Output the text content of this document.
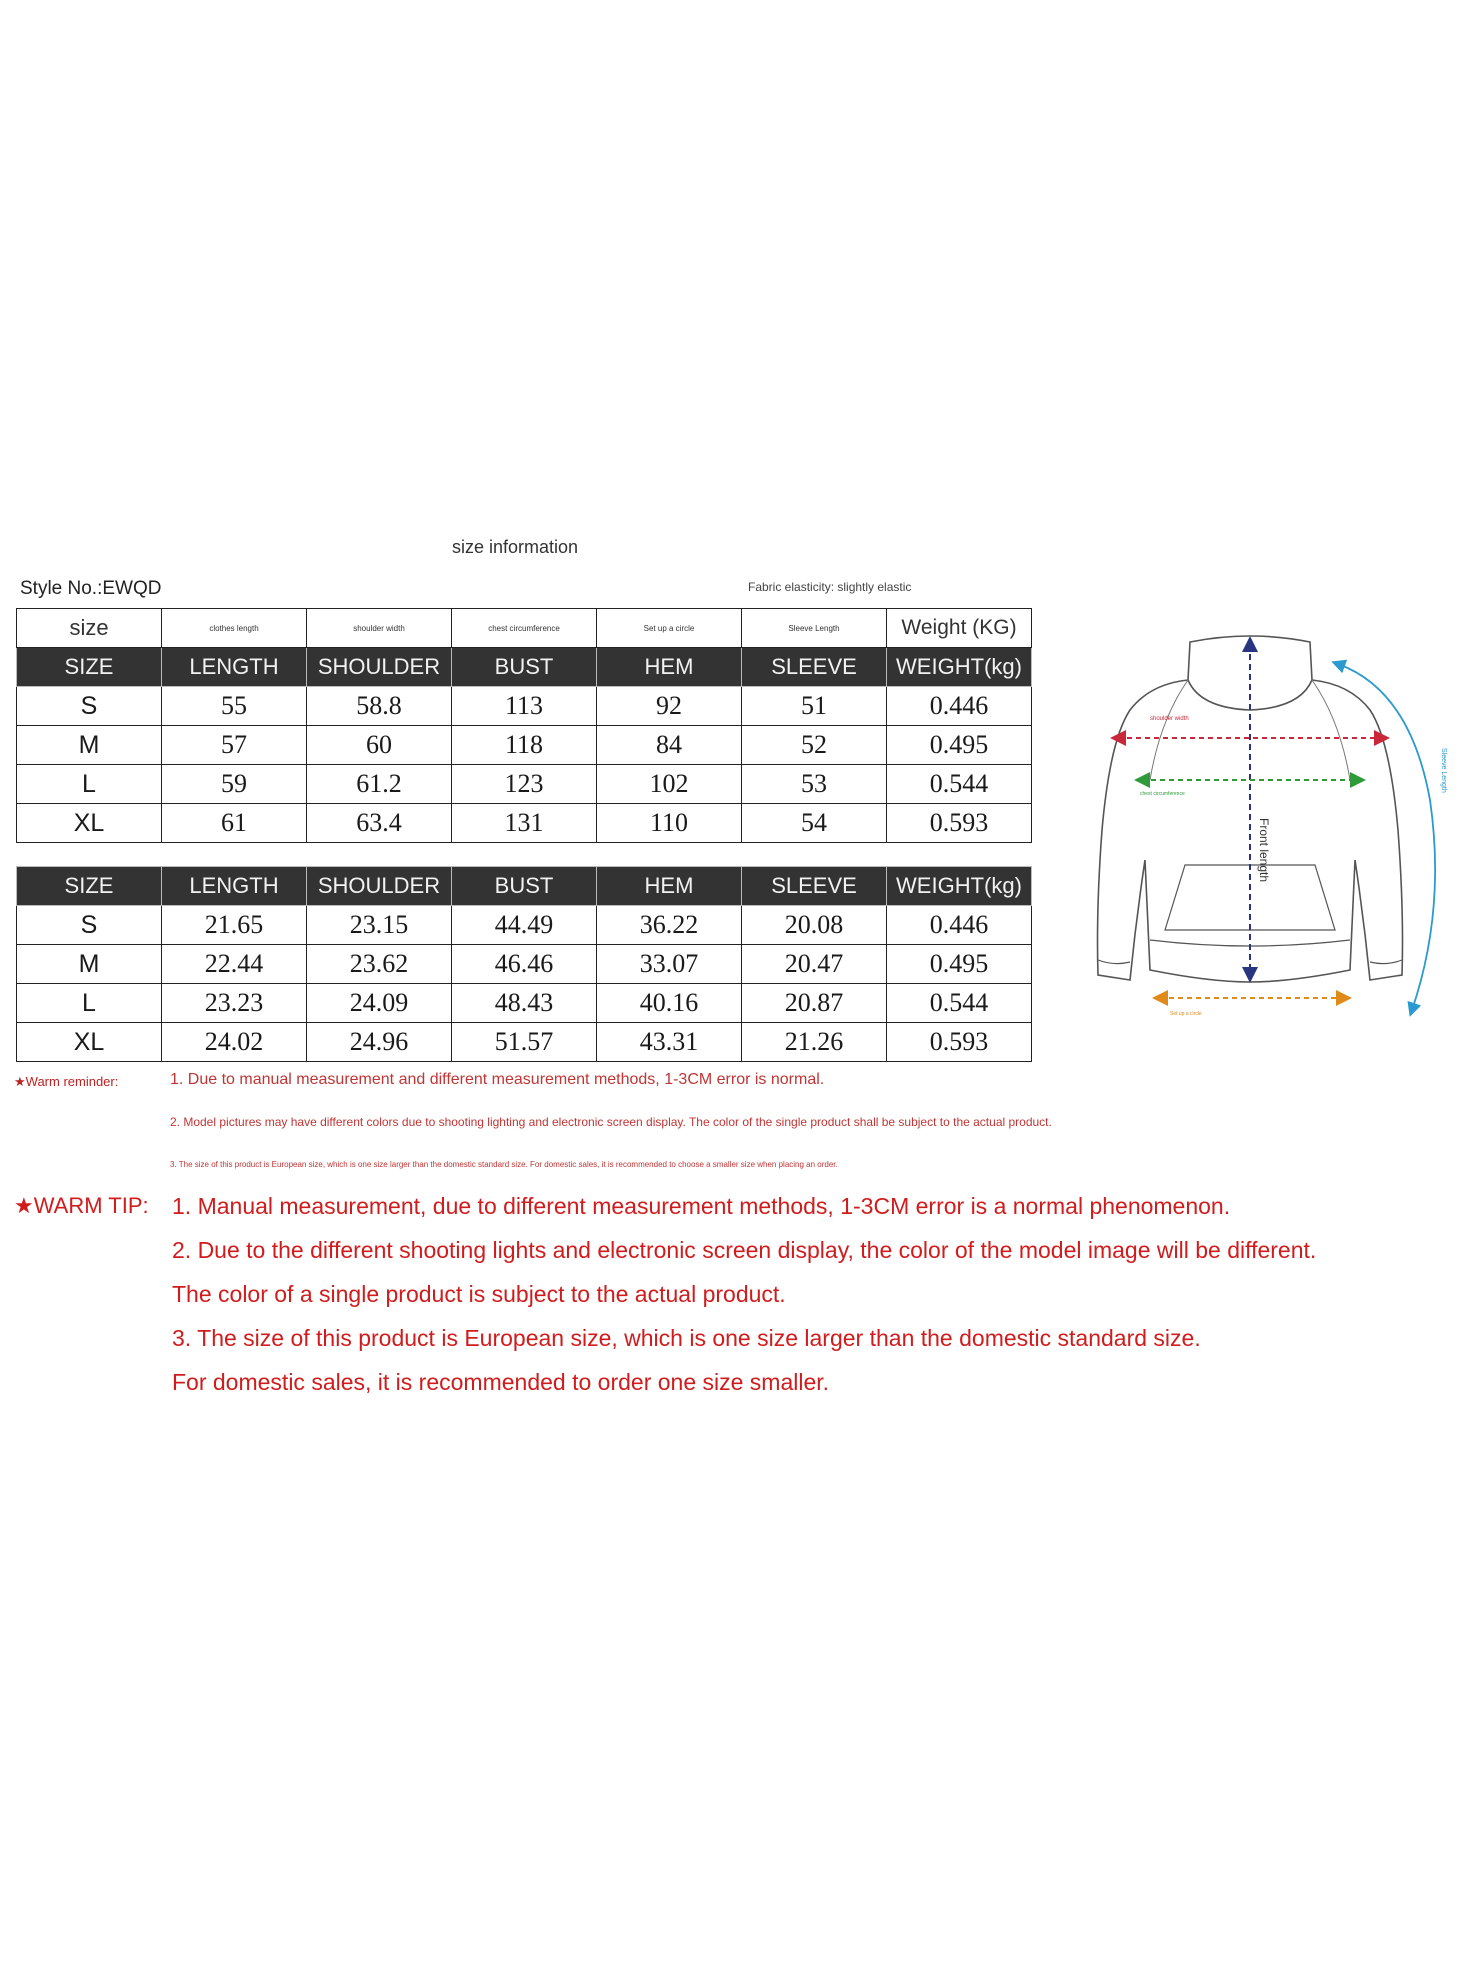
size information
Style No.:EWQD	Fabric elasticity: slightly elastic
size	clothes length	shoulder width	chest circumference	Set up a circle	Sleeve Length	Weight (KG)
SIZE	LENGTH	SHOULDER	BUST	HEM	SLEEVE	WEIGHT(kg)
S	55	58.8	113	92	51	0.446
M	57	60	118	84	52	0.495
L	59	61.2	123	102	53	0.544
XL	61	63.4	131	110	54	0.593
SIZE	LENGTH	SHOULDER	BUST	HEM	SLEEVE	WEIGHT(kg)
S	21.65	23.15	44.49	36.22	20.08	0.446
M	22.44	23.62	46.46	33.07	20.47	0.495
L	23.23	24.09	48.43	40.16	20.87	0.544
XL	24.02	24.96	51.57	43.31	21.26	0.593
shoulder width
chest circumference
Front length
Sleeve Length
Set up a circle
★Warm reminder:	1. Due to manual measurement and different measurement methods, 1-3CM error is normal.
2. Model pictures may have different colors due to shooting lighting and electronic screen display. The color of the single product shall be subject to the actual product.
3. The size of this product is European size, which is one size larger than the domestic standard size. For domestic sales, it is recommended to choose a smaller size when placing an order.
★WARM TIP: 1. Manual measurement, due to different measurement methods, 1-3CM error is a normal phenomenon.
2. Due to the different shooting lights and electronic screen display, the color of the model image will be different.
The color of a single product is subject to the actual product.
3. The size of this product is European size, which is one size larger than the domestic standard size.
For domestic sales, it is recommended to order one size smaller.
